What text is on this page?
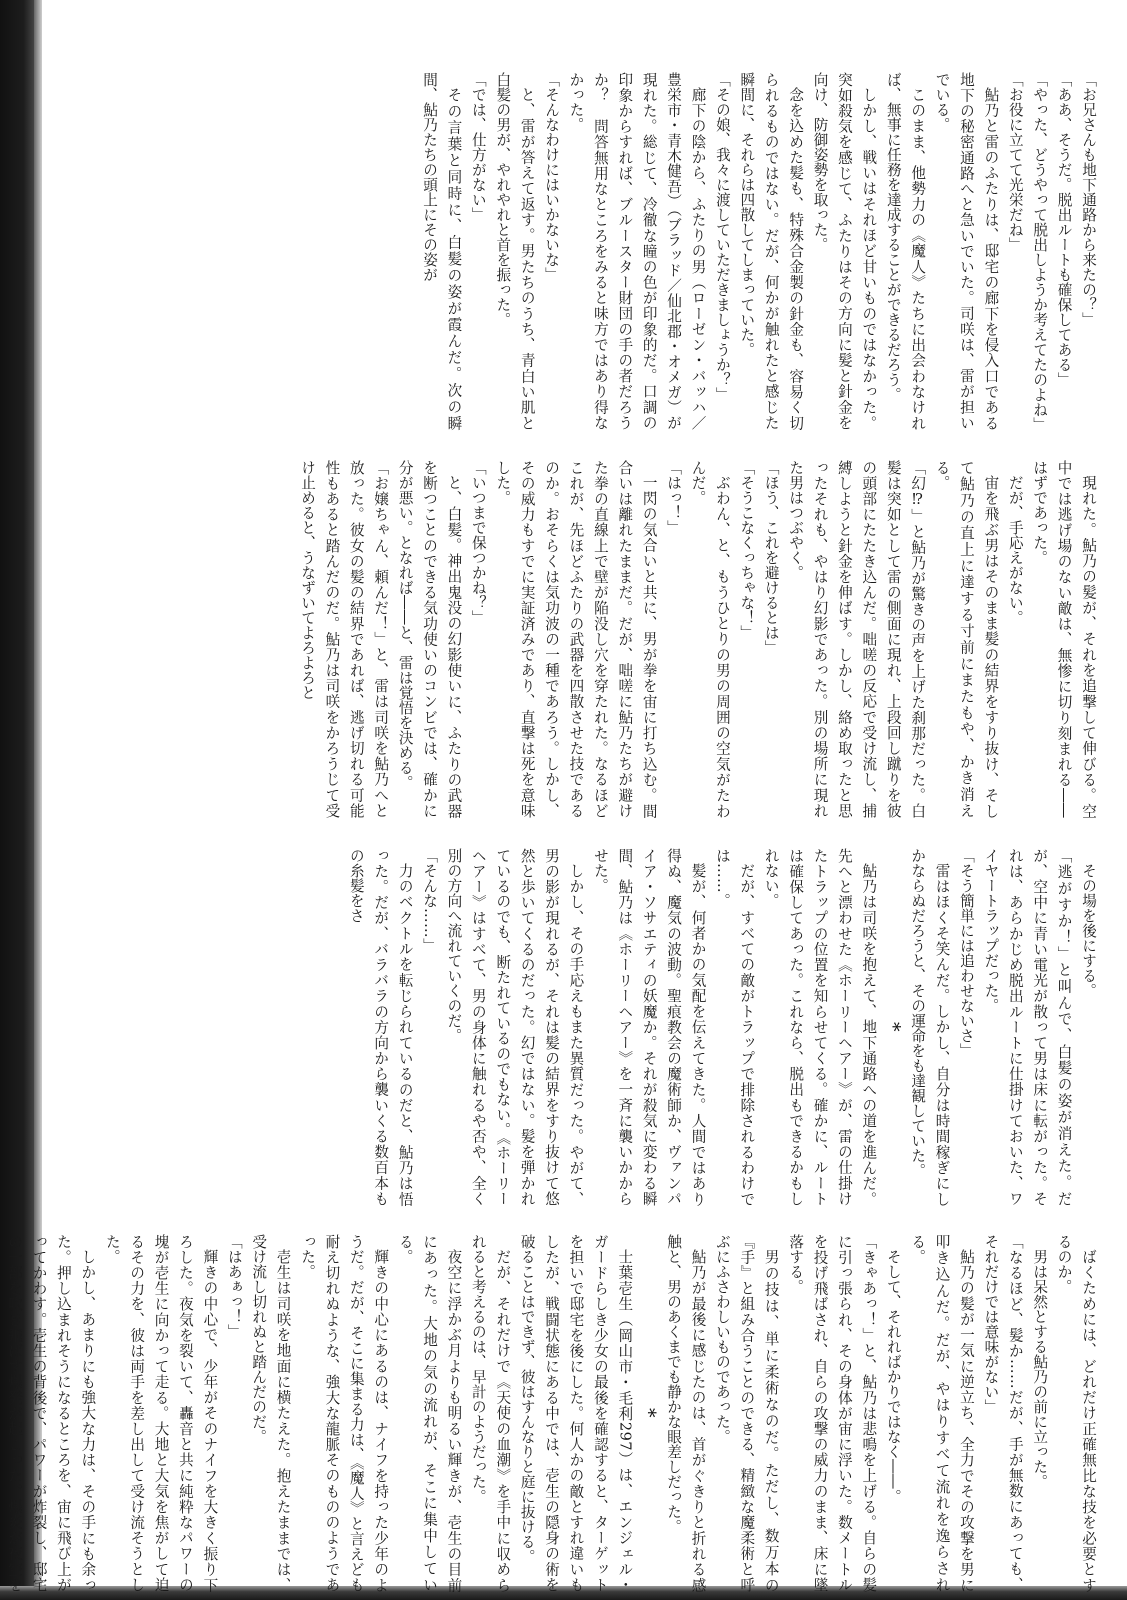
「お兄さんも地下通路から来たの？」

「ああ、そうだ。脱出ルートも確保してある」

「やった、どうやって脱出しようか考えてたのよね」

「お役に立てて光栄だね」

鮎乃と雷のふたりは、邸宅の廊下を侵入口である地下の秘密通路へと急いでいた。司咲は、雷が担いでいる。

このまま、他勢力の《魔人》たちに出会わなければ、無事に任務を達成することができるだろう。

しかし、戦いはそれほど甘いものではなかった。突如殺気を感じて、ふたりはその方向に髪と針金を向け、防御姿勢を取った。

念を込めた髪も、特殊合金製の針金も、容易く切られるものではない。だが、何かが触れたと感じた瞬間に、それらは四散してしまっていた。

「その娘、我々に渡していただきましょうか？」

廊下の陰から、ふたりの男（ローゼン・バッハ／豊栄市・青木健吾）（ブラッド／仙北郡・オメガ）が現れた。総じて、冷徹な瞳の色が印象的だ。口調の印象からすれば、ブルースター財団の手の者だろうか？　問答無用なところをみると味方ではあり得なかった。

「そんなわけにはいかないな」

と、雷が答えて返す。男たちのうち、青白い肌と白髪の男が、やれやれと首を振った。

「では、仕方がない」

その言葉と同時に、白髪の姿が霞んだ。次の瞬間、鮎乃たちの頭上にその姿が

現れた。鮎乃の髪が、それを追撃して伸びる。空中では逃げ場のない敵は、無惨に切り刻まれる――はずであった。

だが、手応えがない。

宙を飛ぶ男はそのまま髪の結界をすり抜け、そして鮎乃の直上に達する寸前にまたもや、かき消える。

「幻⁉」と鮎乃が驚きの声を上げた刹那だった。白髪は突如として雷の側面に現れ、上段回し蹴りを彼の頭部にたたき込んだ。咄嗟の反応で受け流し、捕縛しようと針金を伸ばす。しかし、絡め取ったと思ったそれも、やはり幻影であった。別の場所に現れた男はつぶやく。

「ほう、これを避けるとは」

「そうこなくっちゃな！」

ぶわん、と、もうひとりの男の周囲の空気がたわんだ。

「はっ！」

一閃の気合いと共に、男が拳を宙に打ち込む。間合いは離れたままだ。だが、咄嗟に鮎乃たちが避けた拳の直線上で壁が陥没し穴を穿たれた。なるほどこれが、先ほどふたりの武器を四散させた技であるのか。おそらくは気功波の一種であろう。しかし、その威力もすでに実証済みであり、直撃は死を意味した。

「いつまで保つかね？」

と、白髪。神出鬼没の幻影使いに、ふたりの武器を断つことのできる気功使いのコンビでは、確かに分が悪い。となれば――と、雷は覚悟を決める。

「お嬢ちゃん、頼んだ！」と、雷は司咲を鮎乃へと放った。彼女の髪の結界であれば、逃げ切れる可能性もあると踏んだのだ。鮎乃は司咲をかろうじて受け止めると、うなずいてよろよろと

その場を後にする。

「逃がすか！」と叫んで、白髪の姿が消えた。だが、空中に青い電光が散って男は床に転がった。それは、あらかじめ脱出ルートに仕掛けておいた、ワイヤートラップだった。

「そう簡単には追わせないさ」

雷はほくそ笑んだ。しかし、自分は時間稼ぎにしかならぬだろうと、その運命をも達観していた。

*

鮎乃は司咲を抱えて、地下通路への道を進んだ。先へと漂わせた《ホーリーヘアー》が、雷の仕掛けたトラップの位置を知らせてくる。確かに、ルートは確保してあった。これなら、脱出もできるかもしれない。

だが、すべての敵がトラップで排除されるわけでは……。

髪が、何者かの気配を伝えてきた。人間ではあり得ぬ、魔気の波動。聖痕教会の魔術師か、ヴァンパイア・ソサエティの妖魔か。それが殺気に変わる瞬間、鮎乃は《ホーリーヘアー》を一斉に襲いかからせた。

しかし、その手応えもまた異質だった。やがて、男の影が現れるが、それは髪の結界をすり抜けて悠然と歩いてくるのだった。幻ではない。髪を弾かれているのでも、断たれているのでもない。《ホーリーヘアー》はすべて、男の身体に触れるや否や、全く別の方向へ流れていくのだ。

「そんな……」

力のベクトルを転じられているのだと、鮎乃は悟った。だが、バラバラの方向から襲いくる数百本もの糸髪をさ

ばくためには、どれだけ正確無比な技を必要とするのか。

男は呆然とする鮎乃の前に立った。

「なるほど、髪か……だが、手が無数にあっても、それだけでは意味がない」

鮎乃の髪が一気に逆立ち、全力でその攻撃を男に叩き込んだ。だが、やはりすべて流れを逸らされる。

そして、それればかりではなく――。

「きゃあっ！」と、鮎乃は悲鳴を上げる。自らの髪に引っ張られ、その身体が宙に浮いた。数メートルを投げ飛ばされ、自らの攻撃の威力のまま、床に墜落する。

男の技は、単に柔術なのだ。ただし、数万本の『手』と組み合うことのできる、精緻な魔柔術と呼ぶにふさわしいものであった。

鮎乃が最後に感じたのは、首がぐきりと折れる感触と、男のあくまでも静かな眼差しだった。

*

士葉壱生（岡山市・毛利297）は、エンジェル・ガードらしき少女の最後を確認すると、ターゲットを担いで邸宅を後にした。何人かの敵とすれ違いもしたが、戦闘状態にある中では、壱生の隠身の術を破ることはできず、彼はすんなりと庭に抜ける。

だが、それだけで《天使の血潮》を手中に収められると考えるのは、早計のようだった。

夜空に浮かぶ月よりも明るい輝きが、壱生の目前にあった。大地の気の流れが、そこに集中している。

輝きの中心にあるのは、ナイフを持った少年のようだ。だが、そこに集まる力は、《魔人》と言えども耐え切れぬような、強大な龍脈そのもののようであった。

壱生は司咲を地面に横たえた。抱えたままでは、受け流し切れぬと踏んだのだ。

「はあぁっ！」

輝きの中心で、少年がそのナイフを大きく振り下ろした。夜気を裂いて、轟音と共に純粋なパワーの塊が壱生に向かって走る。大地と大気を焦がして迫るその力を、彼は両手を差し出して受け流そうとした。

しかし、あまりにも強大な力は、その手にも余った。押し込まれそうになるところを、宙に飛び上がってかわす。壱生の背後で、パワーが炸裂し、邸宅の一部を吹き飛ばす爆発が起こった。爆炎が夜空を
